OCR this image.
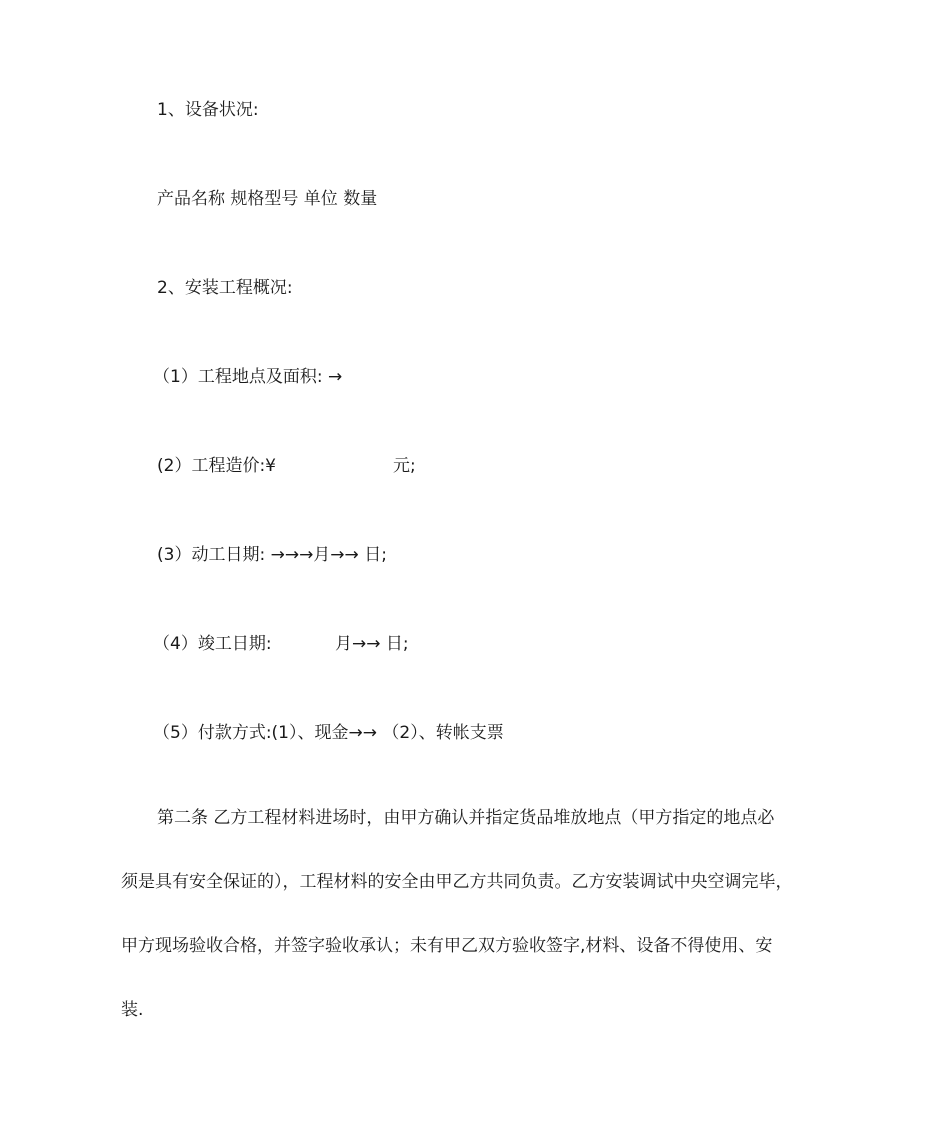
1、设备状况:
产品名称 规格型号 单位 数量
2、安装工程概况:
（1）工程地点及面积: →
(2）工程造价:¥	元;
(3）动工日期: →→→月→→ 日;
（4）竣工日期:	月→→ 日;
（5）付款方式:(1）、现金→→ （2）、转帐支票
第二条 乙方工程材料进场时，由甲方确认并指定货品堆放地点（甲方指定的地点必
须是具有安全保证的），工程材料的安全由甲乙方共同负责。乙方安装调试中央空调完毕，
甲方现场验收合格，并签字验收承认；未有甲乙双方验收签字,材料、设备不得使用、安
装.
